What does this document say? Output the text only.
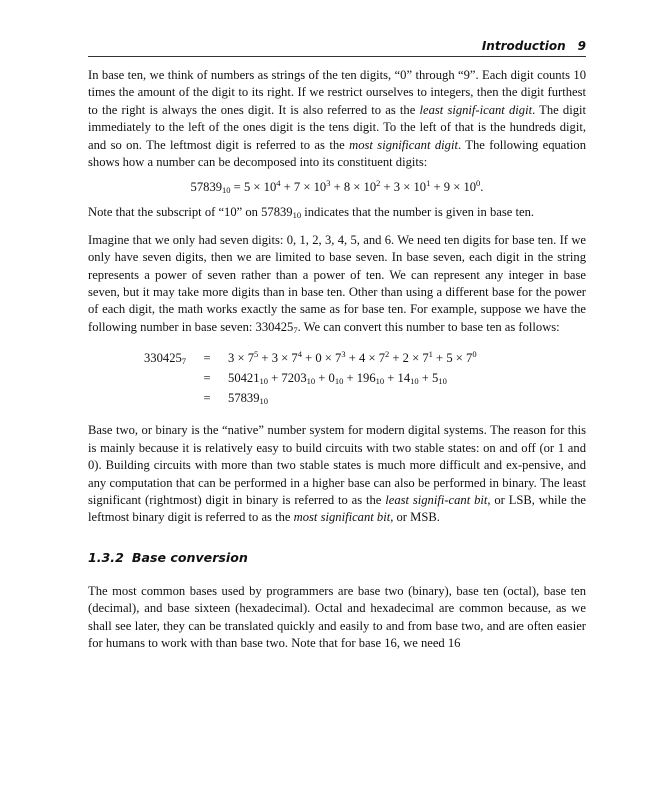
Introduction 9

In base ten, we think of numbers as strings of the ten digits, “0” through “9”. Each digit counts 10 times the amount of the digit to its right. If we restrict ourselves to integers, then the digit furthest to the right is always the ones digit. It is also referred to as the least signif-icant digit. The digit immediately to the left of the ones digit is the tens digit. To the left of that is the hundreds digit, and so on. The leftmost digit is referred to as the most significant digit. The following equation shows how a number can be decomposed into its constituent digits:

$57839_{10} = 5 \times 10^4 + 7 \times 10^3 + 8 \times 10^2 + 3 \times 10^1 + 9 \times 10^0$.

Note that the subscript of “10” on $57839_{10}$ indicates that the number is given in base ten.

Imagine that we only had seven digits: 0, 1, 2, 3, 4, 5, and 6. We need ten digits for base ten. If we only have seven digits, then we are limited to base seven. In base seven, each digit in the string represents a power of seven rather than a power of ten. We can represent any integer in base seven, but it may take more digits than in base ten. Other than using a different base for the power of each digit, the math works exactly the same as for base ten. For example, suppose we have the following number in base seven: $330425_7$. We can convert this number to base ten as follows:

$330425_7$	=	$3 \times 7^5 + 3 \times 7^4 + 0 \times 7^3 + 4 \times 7^2 + 2 \times 7^1 + 5 \times 7^0$
	=	$50421_{10} + 7203_{10} + 0_{10} + 196_{10} + 14_{10} + 5_{10}$
	=	$57839_{10}$

Base two, or binary is the “native” number system for modern digital systems. The reason for this is mainly because it is relatively easy to build circuits with two stable states: on and off (or 1 and 0). Building circuits with more than two stable states is much more difficult and ex-pensive, and any computation that can be performed in a higher base can also be performed in binary. The least significant (rightmost) digit in binary is referred to as the least signifi-cant bit, or LSB, while the leftmost binary digit is referred to as the most significant bit, or MSB.

1.3.2 Base conversion

The most common bases used by programmers are base two (binary), base ten (octal), base ten (decimal), and base sixteen (hexadecimal). Octal and hexadecimal are common because, as we shall see later, they can be translated quickly and easily to and from base two, and are often easier for humans to work with than base two. Note that for base 16, we need 16
